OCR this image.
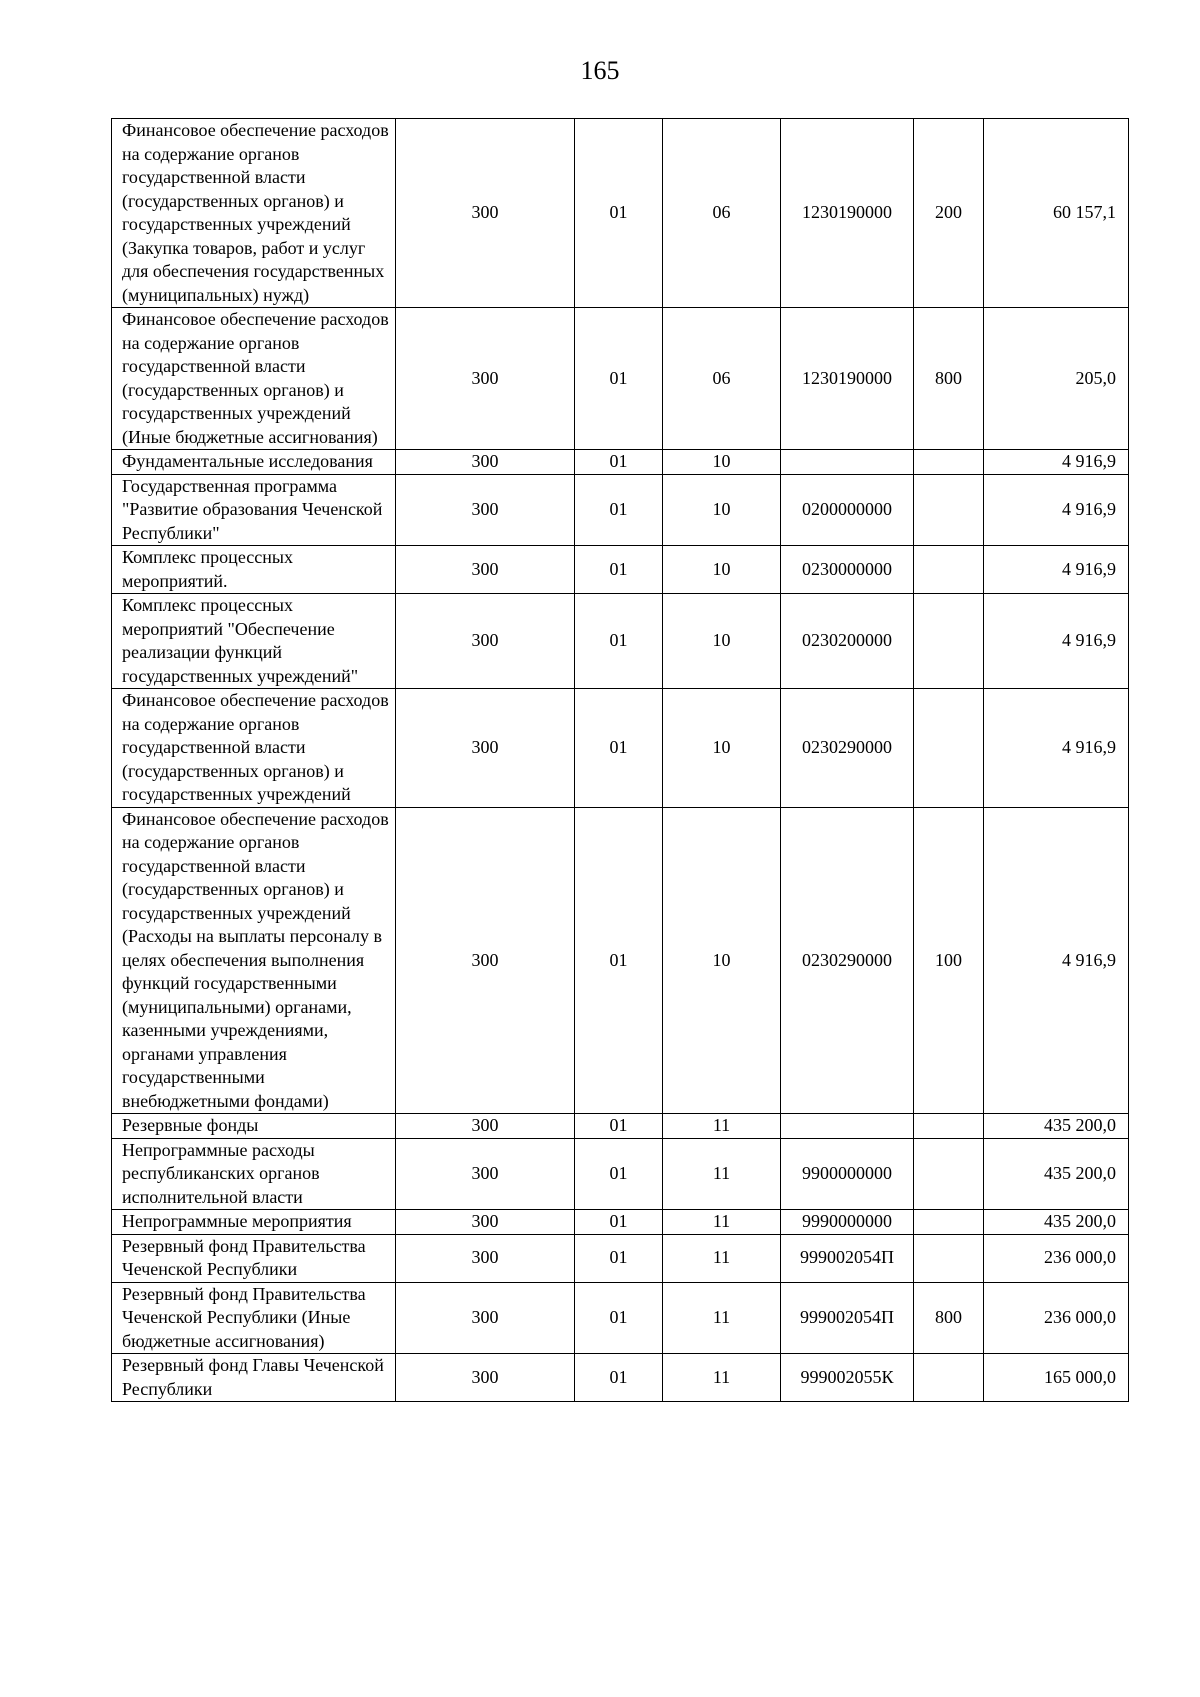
165
Финансовое обеспечение расходов на содержание органов государственной власти (государственных органов) и государственных учреждений (Закупка товаров, работ и услуг для обеспечения государственных (муниципальных) нужд)	300	01	06	1230190000	200	60 157,1
Финансовое обеспечение расходов на содержание органов государственной власти (государственных органов) и государственных учреждений (Иные бюджетные ассигнования)	300	01	06	1230190000	800	205,0
Фундаментальные исследования	300	01	10			4 916,9
Государственная программа "Развитие образования Чеченской Республики"	300	01	10	0200000000		4 916,9
Комплекс процессных мероприятий.	300	01	10	0230000000		4 916,9
Комплекс процессных мероприятий "Обеспечение реализации функций государственных учреждений"	300	01	10	0230200000		4 916,9
Финансовое обеспечение расходов на содержание органов государственной власти (государственных органов) и государственных учреждений	300	01	10	0230290000		4 916,9
Финансовое обеспечение расходов на содержание органов государственной власти (государственных органов) и государственных учреждений (Расходы на выплаты персоналу в целях обеспечения выполнения функций государственными (муниципальными) органами, казенными учреждениями, органами управления государственными внебюджетными фондами)	300	01	10	0230290000	100	4 916,9
Резервные фонды	300	01	11			435 200,0
Непрограммные расходы республиканских органов исполнительной власти	300	01	11	9900000000		435 200,0
Непрограммные мероприятия	300	01	11	9990000000		435 200,0
Резервный фонд Правительства Чеченской Республики	300	01	11	999002054П		236 000,0
Резервный фонд Правительства Чеченской Республики (Иные бюджетные ассигнования)	300	01	11	999002054П	800	236 000,0
Резервный фонд Главы Чеченской Республики	300	01	11	999002055К		165 000,0
